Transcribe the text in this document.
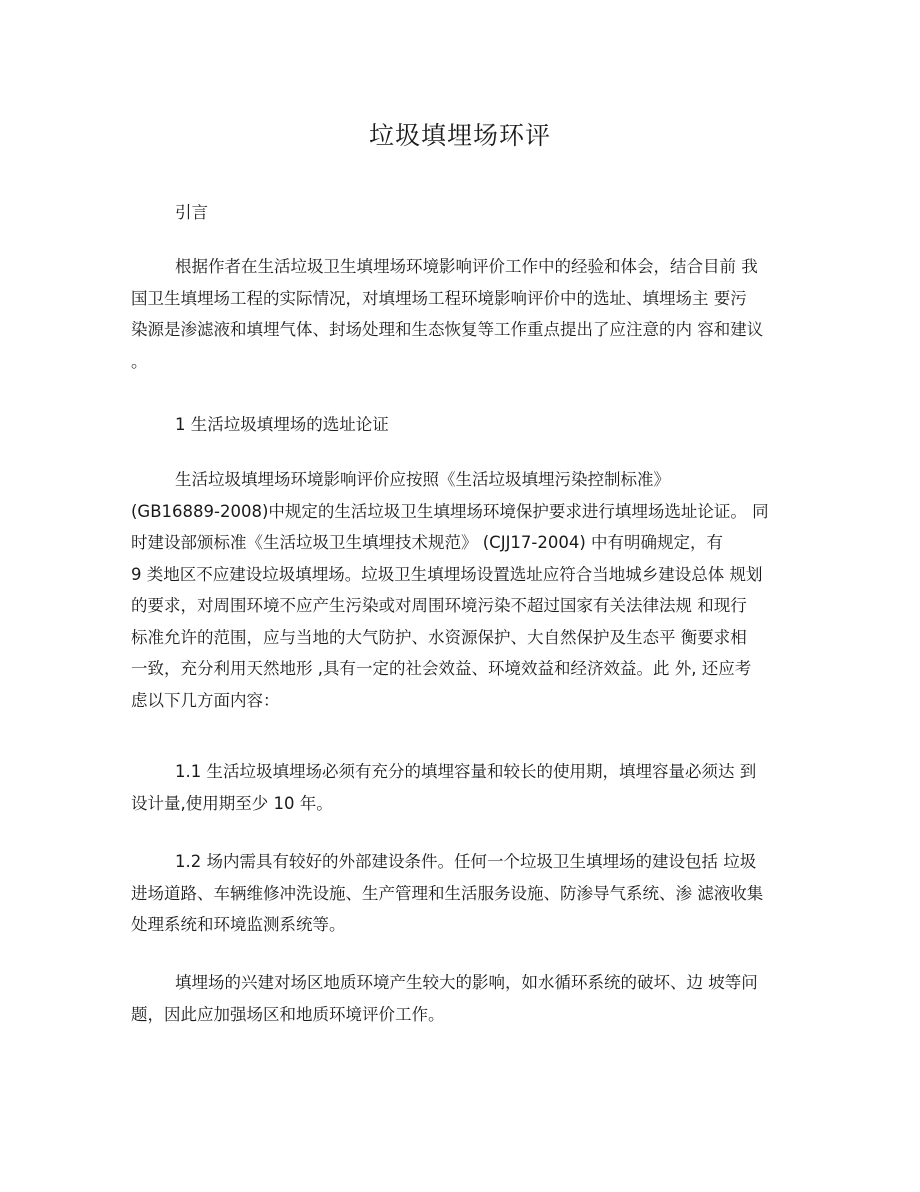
垃圾填埋场环评
引言
根据作者在生活垃圾卫生填埋场环境影响评价工作中的经验和体会，结合目前 我
国卫生填埋场工程的实际情况，对填埋场工程环境影响评价中的选址、填埋场主 要污
染源是渗滤液和填埋气体、封场处理和生态恢复等工作重点提出了应注意的内 容和建议
。
1 生活垃圾填埋场的选址论证
生活垃圾填埋场环境影响评价应按照《生活垃圾填埋污染控制标准》
(GB16889-2008)中规定的生活垃圾卫生填埋场环境保护要求进行填埋场选址论证。 同
时建设部颁标准《生活垃圾卫生填埋技术规范》 (CJJ17-2004) 中有明确规定，有
9 类地区不应建设垃圾填埋场。垃圾卫生填埋场设置选址应符合当地城乡建设总体 规划
的要求，对周围环境不应产生污染或对周围环境污染不超过国家有关法律法规 和现行
标准允许的范围，应与当地的大气防护、水资源保护、大自然保护及生态平 衡要求相
一致，充分利用天然地形 ,具有一定的社会效益、环境效益和经济效益。此 外, 还应考
虑以下几方面内容：
1.1 生活垃圾填埋场必须有充分的填埋容量和较长的使用期，填埋容量必须达 到
设计量,使用期至少 10 年。
1.2 场内需具有较好的外部建设条件。任何一个垃圾卫生填埋场的建设包括 垃圾
进场道路、车辆维修冲洗设施、生产管理和生活服务设施、防渗导气系统、渗 滤液收集
处理系统和环境监测系统等。
填埋场的兴建对场区地质环境产生较大的影响，如水循环系统的破坏、边 坡等问
题，因此应加强场区和地质环境评价工作。
